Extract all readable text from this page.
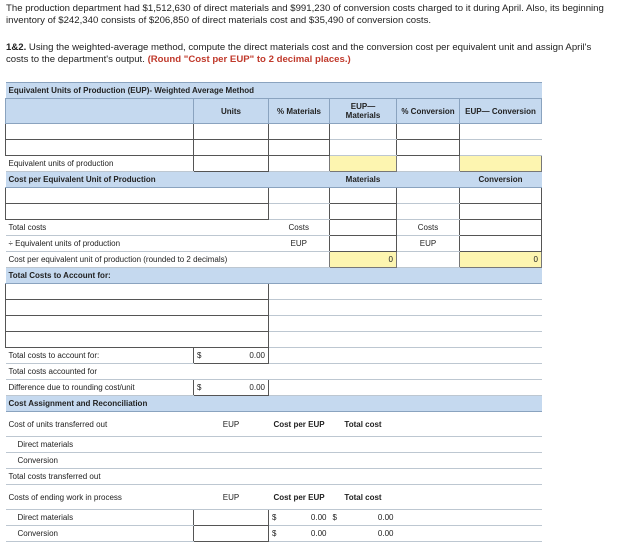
The production department had $1,512,630 of direct materials and $991,230 of conversion costs charged to it during April. Also, its beginning inventory of $242,340 consists of $206,850 of direct materials cost and $35,490 of conversion costs.
1&2. Using the weighted-average method, compute the direct materials cost and the conversion cost per equivalent unit and assign April's costs to the department's output. (Round "Cost per EUP" to 2 decimal places.)
Equivalent Units of Production (EUP)- Weighted Average Method					
	Units	% Materials	EUP— Materials	% Conversion	EUP— Conversion

Equivalent units of production					
Cost per Equivalent Unit of Production			Materials		Conversion

Total costs		Costs		Costs	
÷ Equivalent units of production		EUP		EUP	
Cost per equivalent unit of production (rounded to 2 decimals)			0		0
Total Costs to Account for:					

Total costs to account for:	$ 0.00				

Total costs accounted for					
Difference due to rounding cost/unit	$ 0.00				

Cost Assignment and Reconciliation					
Cost of units transferred out	EUP	Cost per EUP	Total cost		
Direct materials					
Conversion					
Total costs transferred out					
Costs of ending work in process	EUP	Cost per EUP	Total cost		
Direct materials		$ 0.00	$ 0.00		

Conversion		$ 0.00	0.00		
